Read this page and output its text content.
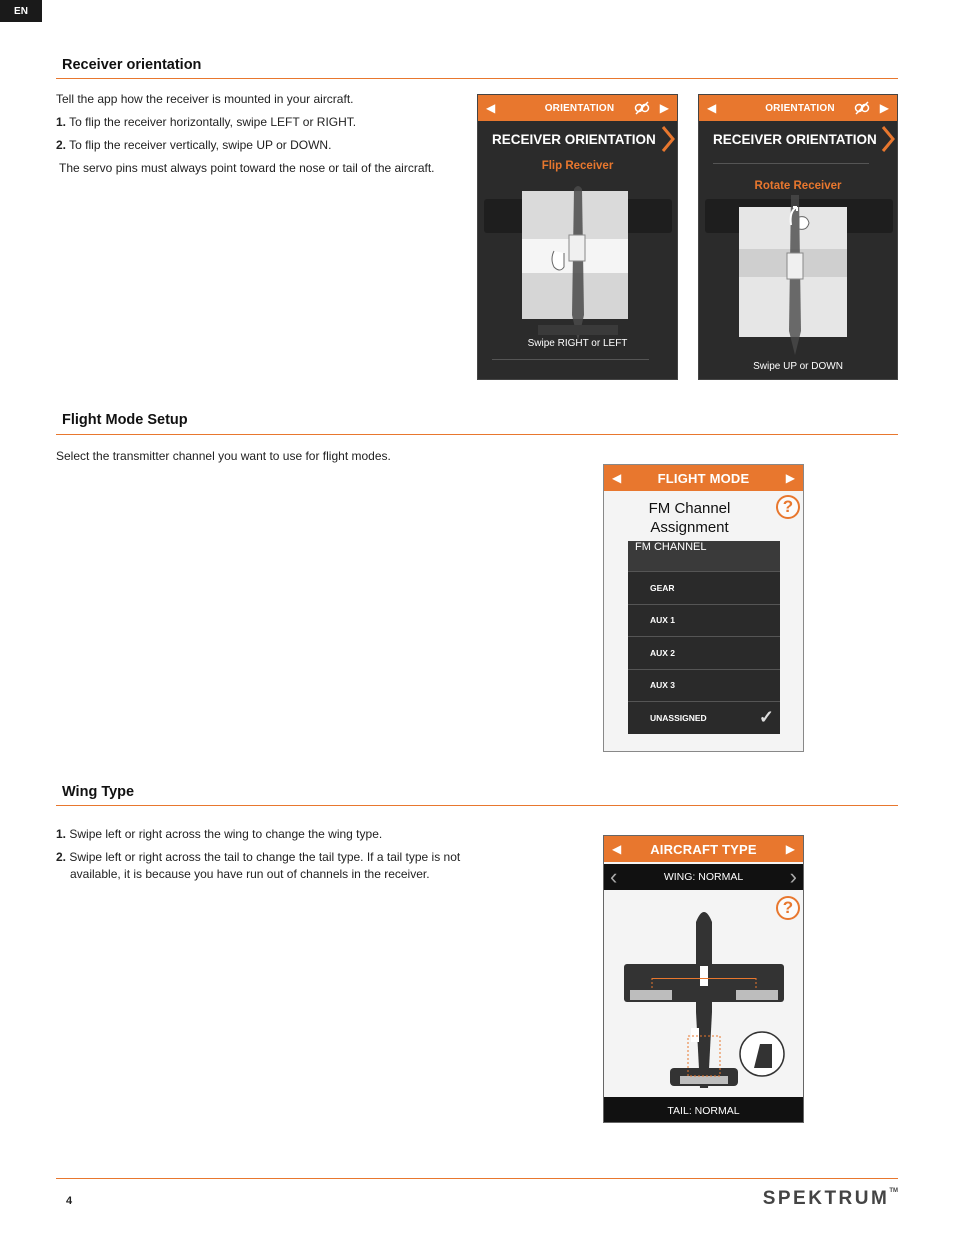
EN
Receiver orientation

Tell the app how the receiver is mounted in your aircraft.

1. To flip the receiver horizontally, swipe LEFT or RIGHT.

2. To flip the receiver vertically, swipe UP or DOWN.

The servo pins must always point toward the nose or tail of the aircraft.

◀	ORIENTATION	▶
RECEIVER ORIENTATION
Flip Receiver
Swipe RIGHT or LEFT
◀	ORIENTATION	▶
RECEIVER ORIENTATION
Rotate Receiver
Swipe UP or DOWN
Flight Mode Setup
Select the transmitter channel you want to use for flight modes.
◀	FLIGHT MODE	▶
FM Channel
Assignment
?
FM CHANNEL
GEAR
AUX 1
AUX 2
AUX 3
UNASSIGNED	✓
Wing Type

1. Swipe left or right across the wing to change the wing type.

2. Swipe left or right across the tail to change the tail type. If a tail type is not

available, it is because you have run out of channels in the receiver.

◀ AIRCRAFT TYPE ▶
‹	WING: NORMAL ›
?
TAIL: NORMAL
4	SPEKTRUM™
